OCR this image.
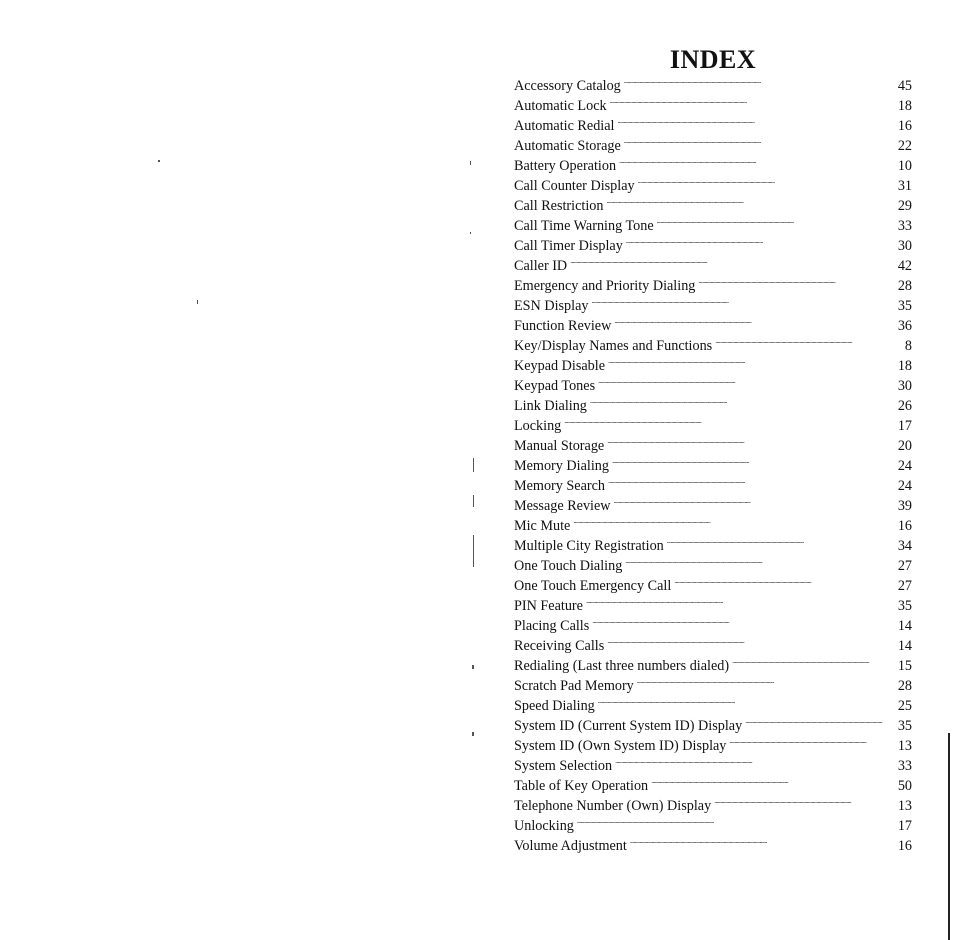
INDEX
Accessory Catalog . . .	45
Automatic Lock . . .	18
Automatic Redial . . .	16
Automatic Storage . . .	22
Battery Operation . . .	10
Call Counter Display . . .	31
Call Restriction . . .	29
Call Time Warning Tone . . .	33
Call Timer Display . . .	30
Caller ID . . .	42
Emergency and Priority Dialing . . .	28
ESN Display . . .	35
Function Review . . .	36
Key/Display Names and Functions . . .	8
Keypad Disable . . .	18
Keypad Tones . . .	30
Link Dialing . . .	26
Locking . . .	17
Manual Storage . . .	20
Memory Dialing . . .	24
Memory Search . . .	24
Message Review . . .	39
Mic Mute . . .	16
Multiple City Registration . . .	34
One Touch Dialing . . .	27
One Touch Emergency Call . . .	27
PIN Feature . . .	35
Placing Calls . . .	14
Receiving Calls . . .	14
Redialing (Last three numbers dialed) . . .	15
Scratch Pad Memory . . .	28
Speed Dialing . . .	25
System ID (Current System ID) Display . . .	35
System ID (Own System ID) Display . . .	13
System Selection . . .	33
Table of Key Operation . . .	50
Telephone Number (Own) Display . . .	13
Unlocking . . .	17
Volume Adjustment . . .	16
